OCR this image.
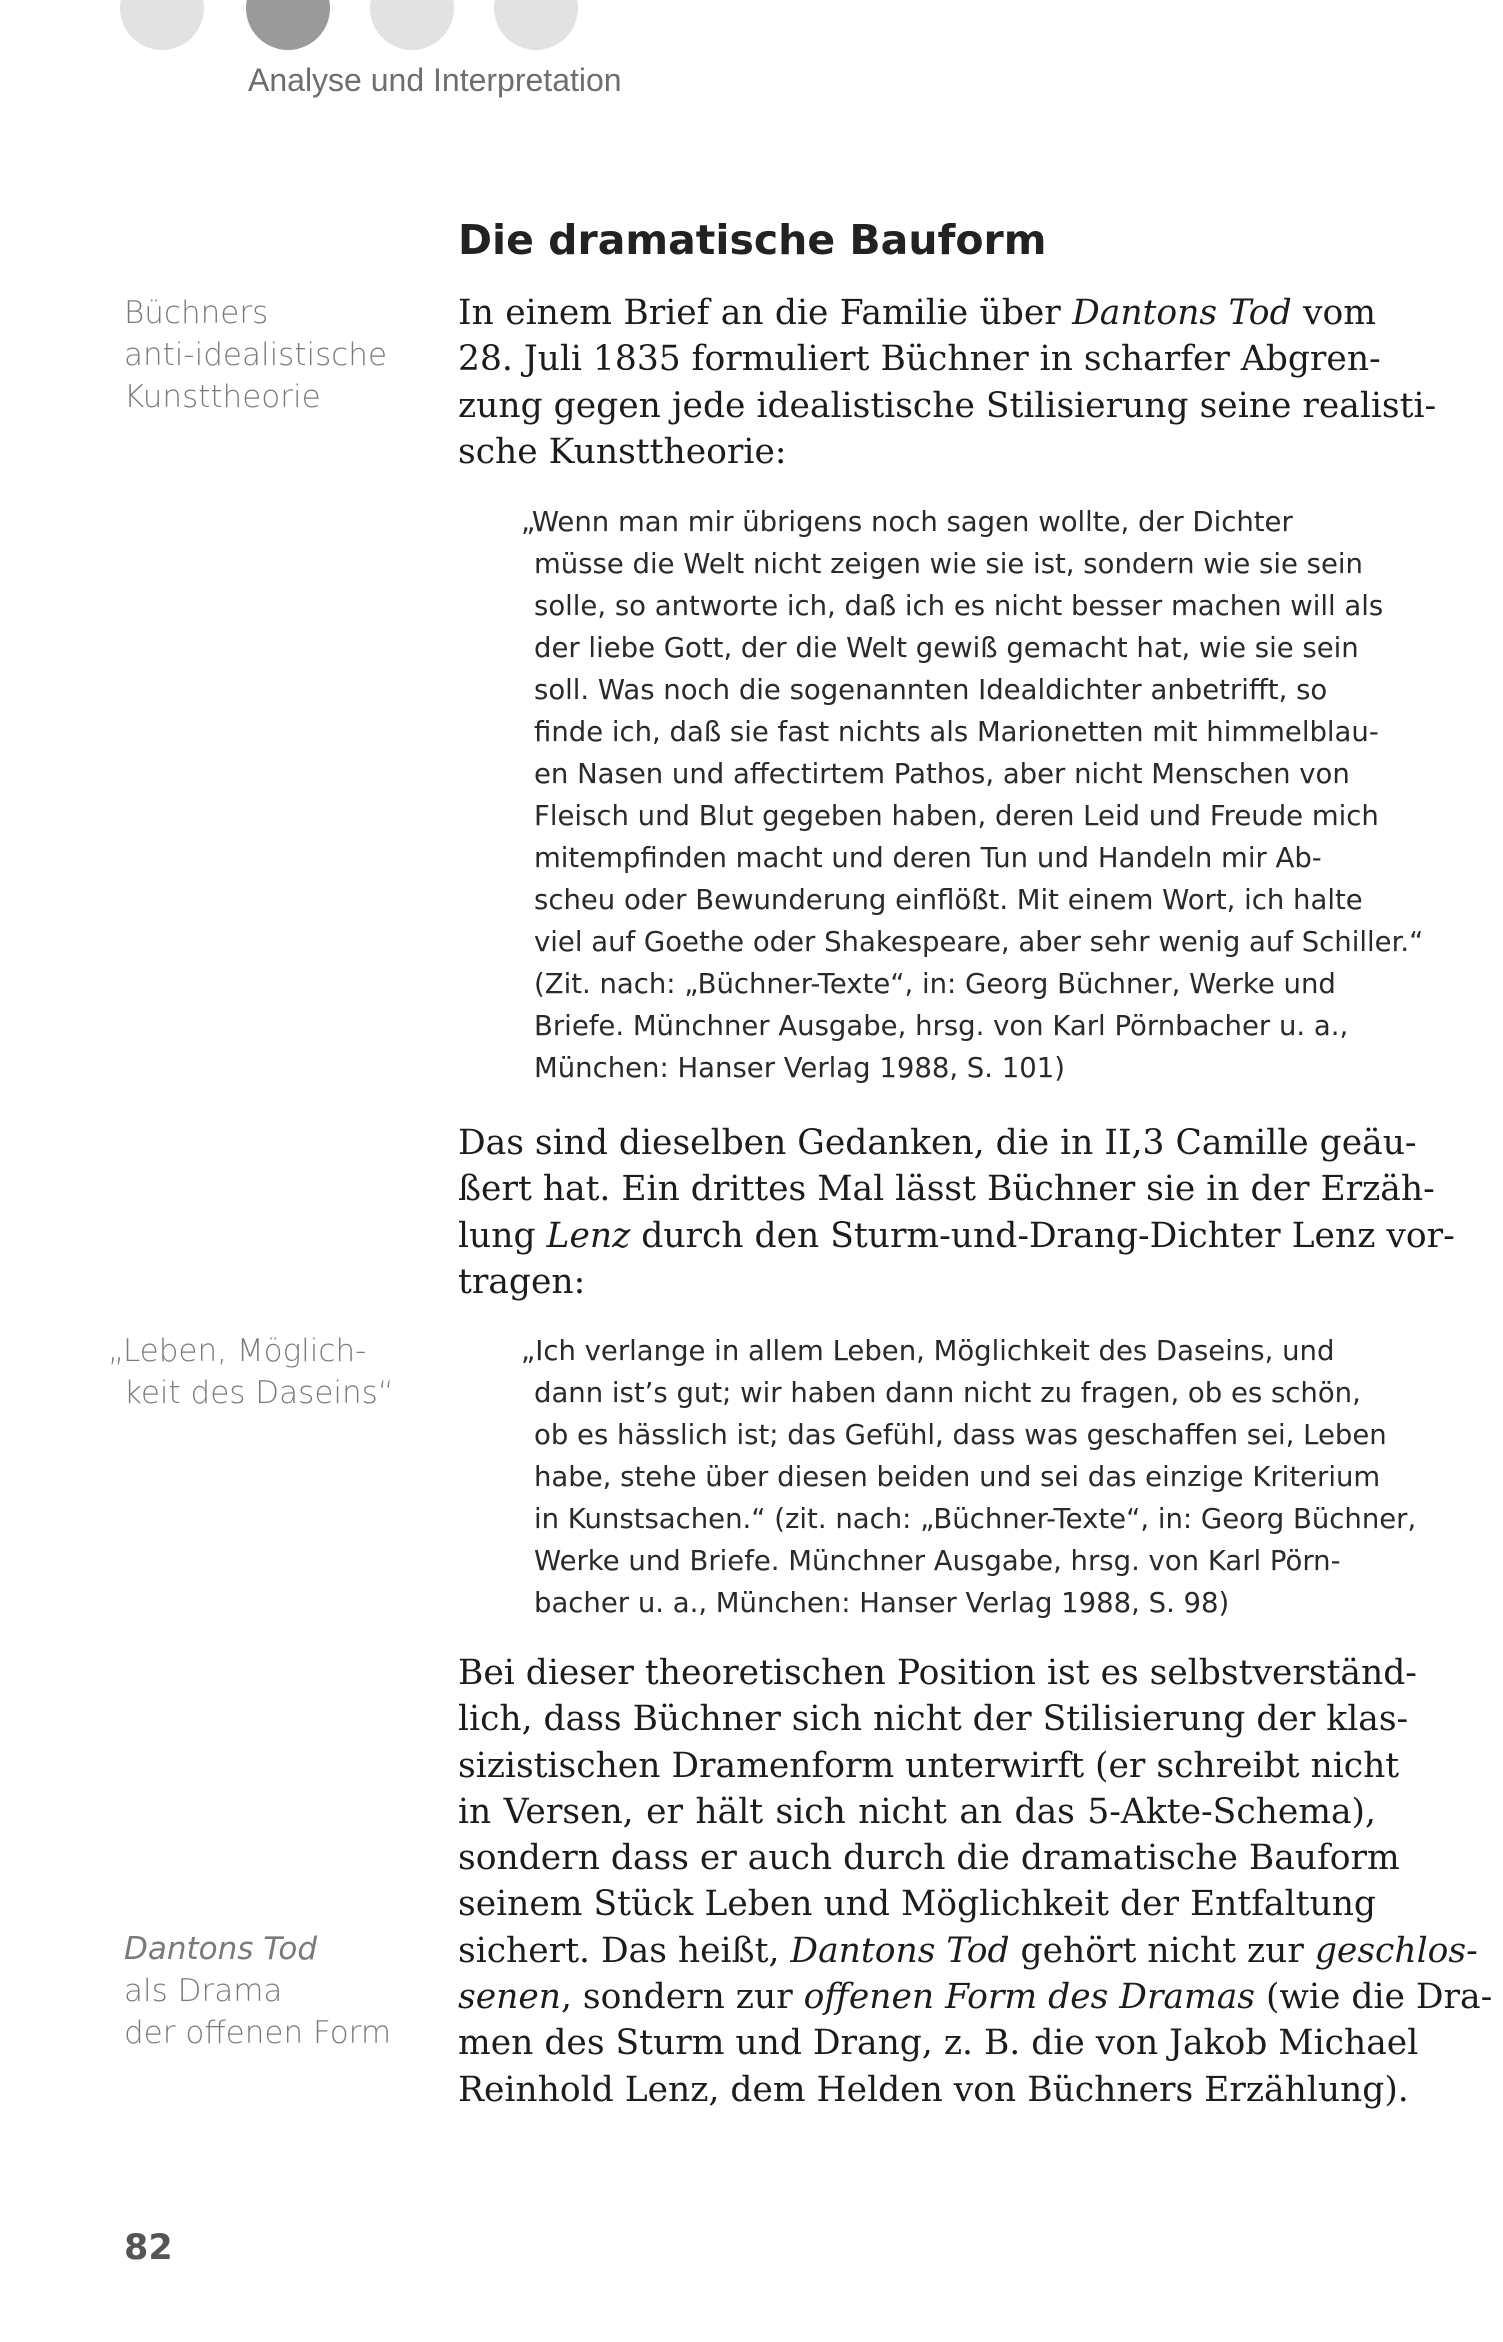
Analyse und Interpretation
Büchners
anti-idealistische
Kunsttheorie
„Leben, Möglich-
keit des Daseins“
Dantons Tod
als Drama
der offenen Form
Die dramatische Bauform
In einem Brief an die Familie über Dantons Tod vom
28. Juli 1835 formuliert Büchner in scharfer Abgren-
zung gegen jede idealistische Stilisierung seine realisti-
sche Kunsttheorie:
„Wenn man mir übrigens noch sagen wollte, der Dichter
müsse die Welt nicht zeigen wie sie ist, sondern wie sie sein
solle, so antworte ich, daß ich es nicht besser machen will als
der liebe Gott, der die Welt gewiß gemacht hat, wie sie sein
soll. Was noch die sogenannten Idealdichter anbetrifft, so
finde ich, daß sie fast nichts als Marionetten mit himmelblau-
en Nasen und affectirtem Pathos, aber nicht Menschen von
Fleisch und Blut gegeben haben, deren Leid und Freude mich
mitempfinden macht und deren Tun und Handeln mir Ab-
scheu oder Bewunderung einflößt. Mit einem Wort, ich halte
viel auf Goethe oder Shakespeare, aber sehr wenig auf Schiller.“
(Zit. nach: „Büchner-Texte“, in: Georg Büchner, Werke und
Briefe. Münchner Ausgabe, hrsg. von Karl Pörnbacher u. a.,
München: Hanser Verlag 1988, S. 101)
Das sind dieselben Gedanken, die in II,3 Camille geäu-
ßert hat. Ein drittes Mal lässt Büchner sie in der Erzäh-
lung Lenz durch den Sturm-und-Drang-Dichter Lenz vor-
tragen:
„Ich verlange in allem Leben, Möglichkeit des Daseins, und
dann ist’s gut; wir haben dann nicht zu fragen, ob es schön,
ob es hässlich ist; das Gefühl, dass was geschaffen sei, Leben
habe, stehe über diesen beiden und sei das einzige Kriterium
in Kunstsachen.“ (zit. nach: „Büchner-Texte“, in: Georg Büchner,
Werke und Briefe. Münchner Ausgabe, hrsg. von Karl Pörn-
bacher u. a., München: Hanser Verlag 1988, S. 98)
Bei dieser theoretischen Position ist es selbstverständ-
lich, dass Büchner sich nicht der Stilisierung der klas-
sizistischen Dramenform unterwirft (er schreibt nicht
in Versen, er hält sich nicht an das 5-Akte-Schema),
sondern dass er auch durch die dramatische Bauform
seinem Stück Leben und Möglichkeit der Entfaltung
sichert. Das heißt, Dantons Tod gehört nicht zur geschlos-
senen, sondern zur offenen Form des Dramas (wie die Dra-
men des Sturm und Drang, z. B. die von Jakob Michael
Reinhold Lenz, dem Helden von Büchners Erzählung).
82
